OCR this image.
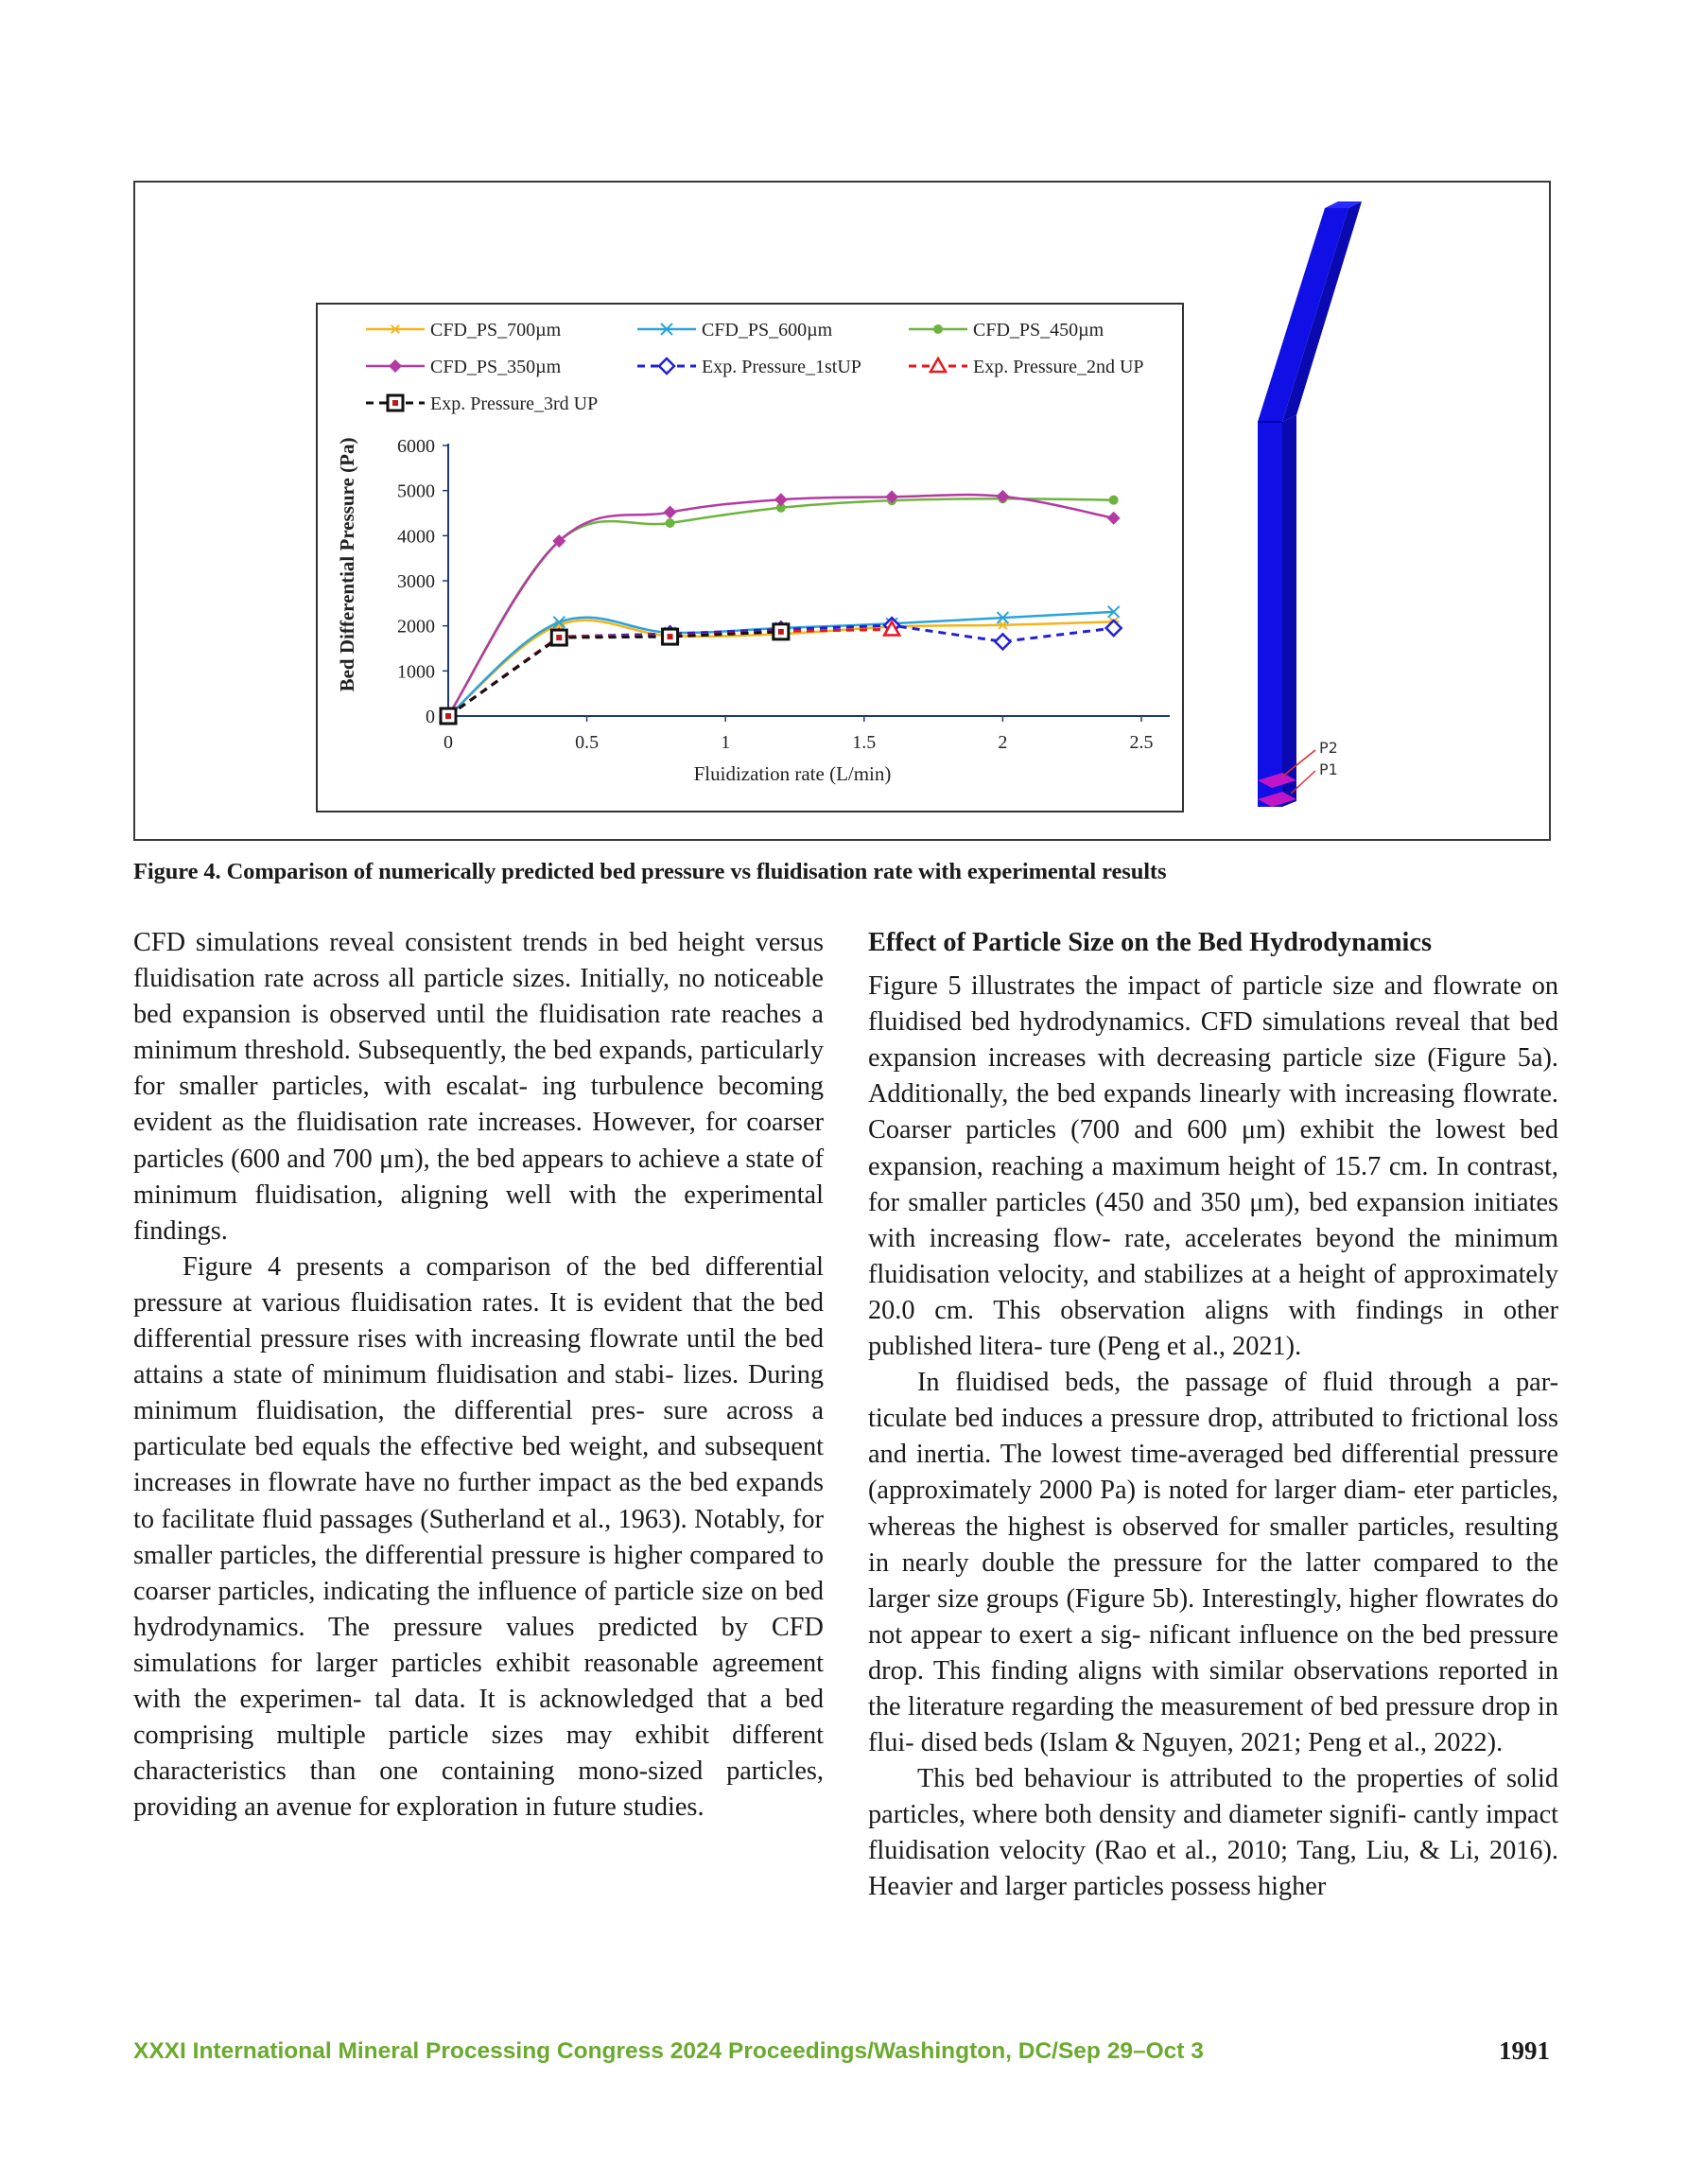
0
1000
2000
3000
4000
5000
6000
0	0.5	1	1.5	2	2.5
Fluidization rate (L/min)
Bed Differential Pressure (Pa)
CFD_PS_700µm	CFD_PS_600µm	CFD_PS_450µm
CFD_PS_350µm	Exp. Pressure_1stUP	Exp. Pressure_2nd UP
Exp. Pressure_3rd UP
P2
P1
Figure 4. Comparison of numerically predicted bed pressure vs fluidisation rate with experimental results

CFD simulations reveal consistent trends in bed height versus fluidisation rate across all particle sizes. Initially, no noticeable bed expansion is observed until the fluidisation rate reaches a minimum threshold. Subsequently, the bed expands, particularly for smaller particles, with escalat- ing turbulence becoming evident as the fluidisation rate increases. However, for coarser particles (600 and 700 μm), the bed appears to achieve a state of minimum fluidisation, aligning well with the experimental findings.

Figure 4 presents a comparison of the bed differential pressure at various fluidisation rates. It is evident that the bed differential pressure rises with increasing flowrate until the bed attains a state of minimum fluidisation and stabi- lizes. During minimum fluidisation, the differential pres- sure across a particulate bed equals the effective bed weight, and subsequent increases in flowrate have no further impact as the bed expands to facilitate fluid passages (Sutherland et al., 1963). Notably, for smaller particles, the differential pressure is higher compared to coarser particles, indicating the influence of particle size on bed hydrodynamics. The pressure values predicted by CFD simulations for larger particles exhibit reasonable agreement with the experimen- tal data. It is acknowledged that a bed comprising multiple particle sizes may exhibit different characteristics than one containing mono-sized particles, providing an avenue for exploration in future studies.

Effect of Particle Size on the Bed Hydrodynamics

Figure 5 illustrates the impact of particle size and flowrate on fluidised bed hydrodynamics. CFD simulations reveal that bed expansion increases with decreasing particle size (Figure 5a). Additionally, the bed expands linearly with increasing flowrate. Coarser particles (700 and 600 μm) exhibit the lowest bed expansion, reaching a maximum height of 15.7 cm. In contrast, for smaller particles (450 and 350 μm), bed expansion initiates with increasing flow- rate, accelerates beyond the minimum fluidisation velocity, and stabilizes at a height of approximately 20.0 cm. This observation aligns with findings in other published litera- ture (Peng et al., 2021).

In fluidised beds, the passage of fluid through a par- ticulate bed induces a pressure drop, attributed to frictional loss and inertia. The lowest time-averaged bed differential pressure (approximately 2000 Pa) is noted for larger diam- eter particles, whereas the highest is observed for smaller particles, resulting in nearly double the pressure for the latter compared to the larger size groups (Figure 5b). Interestingly, higher flowrates do not appear to exert a sig- nificant influence on the bed pressure drop. This finding aligns with similar observations reported in the literature regarding the measurement of bed pressure drop in flui- dised beds (Islam & Nguyen, 2021; Peng et al., 2022).

This bed behaviour is attributed to the properties of solid particles, where both density and diameter signifi- cantly impact fluidisation velocity (Rao et al., 2010; Tang, Liu, & Li, 2016). Heavier and larger particles possess higher

XXXI International Mineral Processing Congress 2024 Proceedings/Washington, DC/Sep 29–Oct 3	1991
